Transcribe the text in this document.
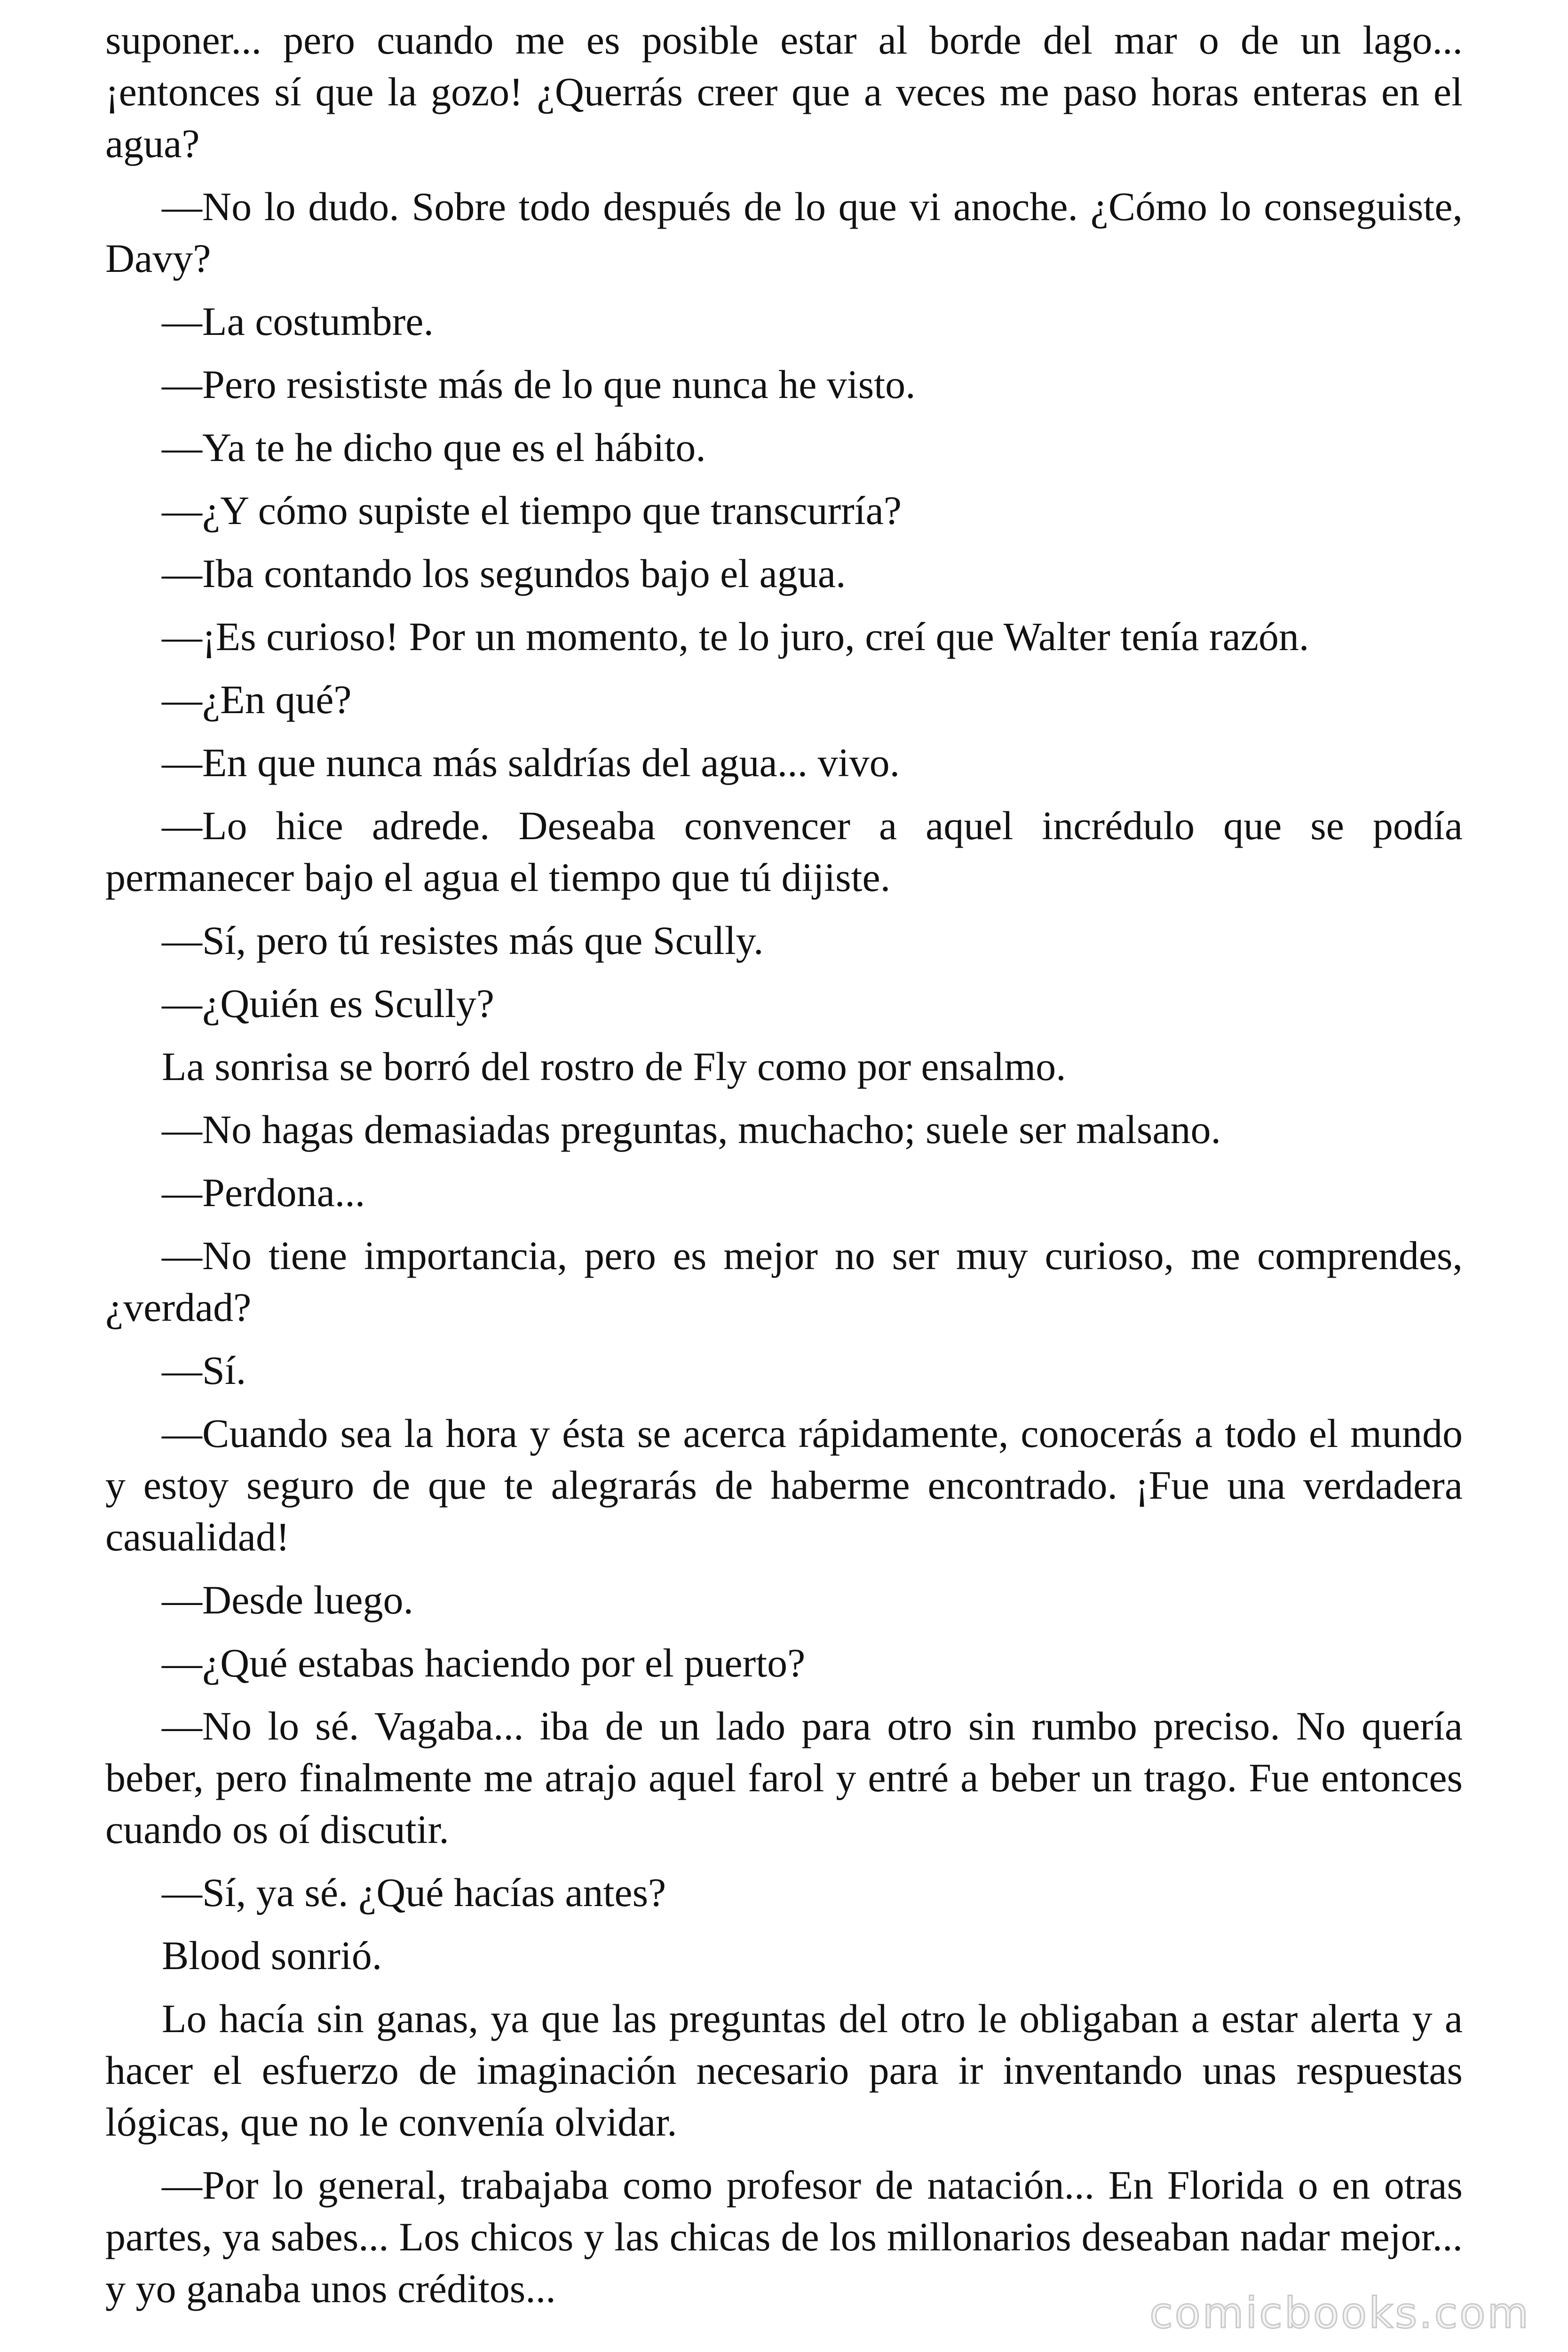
suponer... pero cuando me es posible estar al borde del mar o de un lago... ¡entonces sí que la gozo! ¿Querrás creer que a veces me paso horas enteras en el agua?

—No lo dudo. Sobre todo después de lo que vi anoche. ¿Cómo lo conseguiste, Davy?

—La costumbre.

—Pero resististe más de lo que nunca he visto.

—Ya te he dicho que es el hábito.

—¿Y cómo supiste el tiempo que transcurría?

—Iba contando los segundos bajo el agua.

—¡Es curioso! Por un momento, te lo juro, creí que Walter tenía razón.

—¿En qué?

—En que nunca más saldrías del agua... vivo.

—Lo hice adrede. Deseaba convencer a aquel incrédulo que se podía permanecer bajo el agua el tiempo que tú dijiste.

—Sí, pero tú resistes más que Scully.

—¿Quién es Scully?

La sonrisa se borró del rostro de Fly como por ensalmo.

—No hagas demasiadas preguntas, muchacho; suele ser malsano.

—Perdona...

—No tiene importancia, pero es mejor no ser muy curioso, me comprendes, ¿verdad?

—Sí.

—Cuando sea la hora y ésta se acerca rápidamente, conocerás a todo el mundo y estoy seguro de que te alegrarás de haberme encontrado. ¡Fue una verdadera casualidad!

—Desde luego.

—¿Qué estabas haciendo por el puerto?

—No lo sé. Vagaba... iba de un lado para otro sin rumbo preciso. No quería beber, pero finalmente me atrajo aquel farol y entré a beber un trago. Fue entonces cuando os oí discutir.

—Sí, ya sé. ¿Qué hacías antes?

Blood sonrió.

Lo hacía sin ganas, ya que las preguntas del otro le obligaban a estar alerta y a hacer el esfuerzo de imaginación necesario para ir inventando unas respuestas lógicas, que no le convenía olvidar.

—Por lo general, trabajaba como profesor de natación... En Florida o en otras partes, ya sabes... Los chicos y las chicas de los millonarios deseaban nadar mejor... y yo ganaba unos créditos...	comicbooks.com
